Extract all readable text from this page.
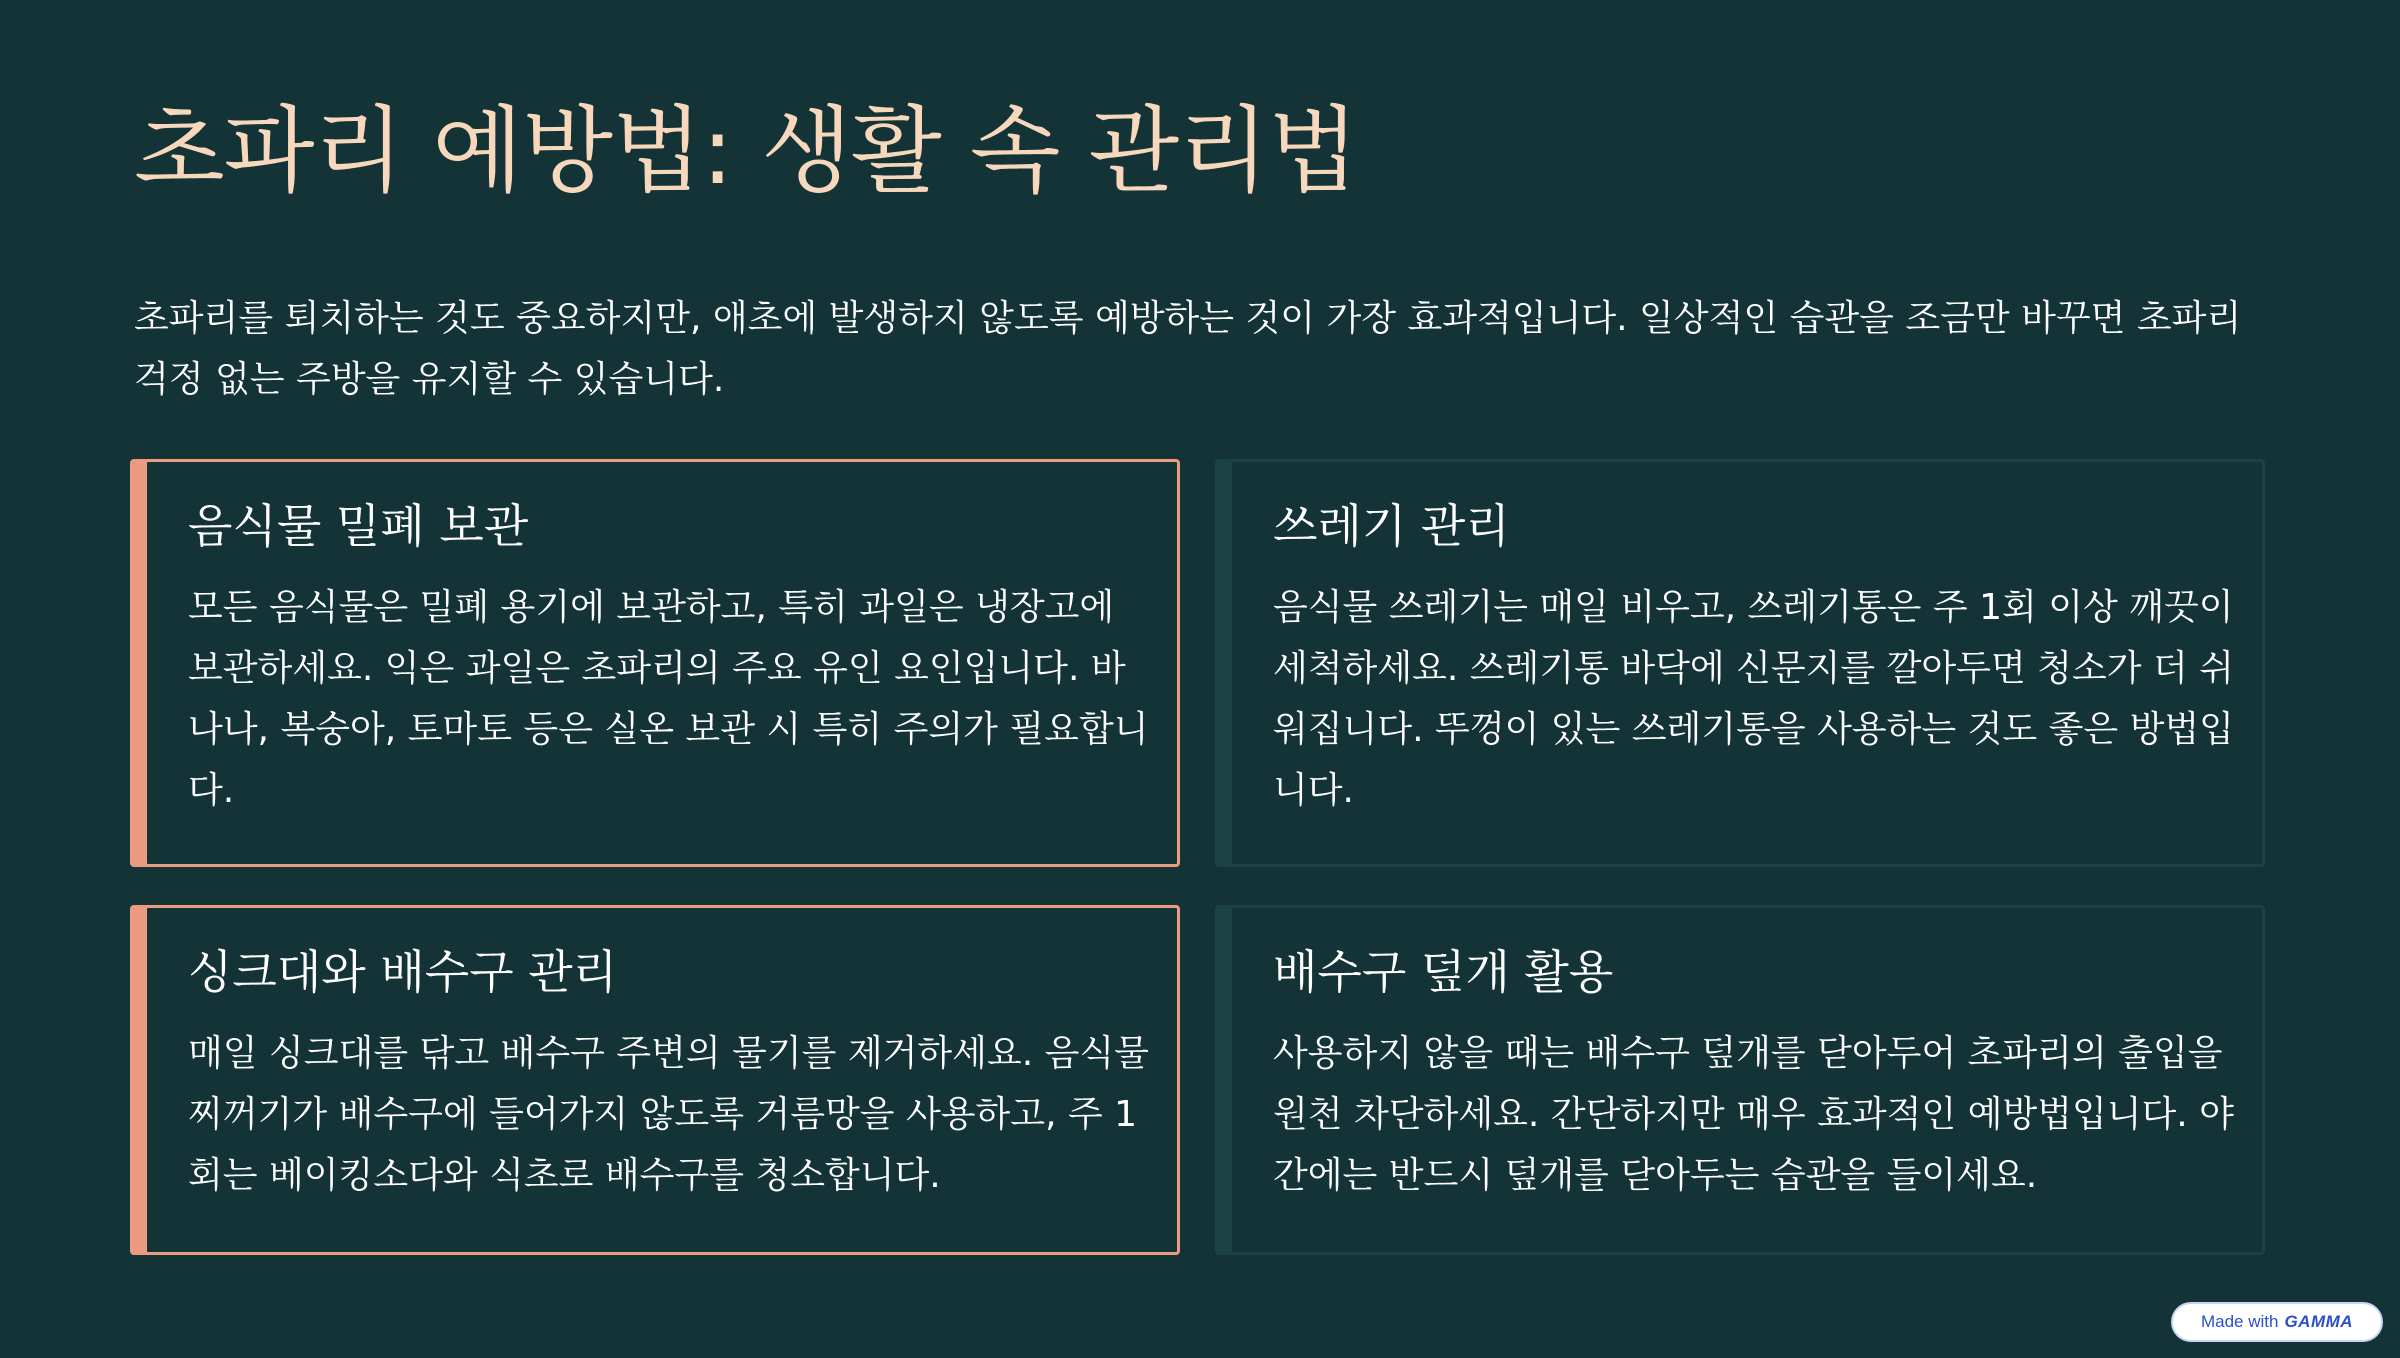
초파리 예방법: 생활 속 관리법

초파리를 퇴치하는 것도 중요하지만, 애초에 발생하지 않도록 예방하는 것이 가장 효과적입니다. 일상적인 습관을 조금만 바꾸면 초파리 걱정 없는 주방을 유지할 수 있습니다.

음식물 밀폐 보관

모든 음식물은 밀폐 용기에 보관하고, 특히 과일은 냉장고에 보관하세요. 익은 과일은 초파리의 주요 유인 요인입니다. 바나나, 복숭아, 토마토 등은 실온 보관 시 특히 주의가 필요합니다.

쓰레기 관리

음식물 쓰레기는 매일 비우고, 쓰레기통은 주 1회 이상 깨끗이 세척하세요. 쓰레기통 바닥에 신문지를 깔아두면 청소가 더 쉬워집니다. 뚜껑이 있는 쓰레기통을 사용하는 것도 좋은 방법입니다.

싱크대와 배수구 관리

매일 싱크대를 닦고 배수구 주변의 물기를 제거하세요. 음식물 찌꺼기가 배수구에 들어가지 않도록 거름망을 사용하고, 주 1회는 베이킹소다와 식초로 배수구를 청소합니다.

배수구 덮개 활용

사용하지 않을 때는 배수구 덮개를 닫아두어 초파리의 출입을 원천 차단하세요. 간단하지만 매우 효과적인 예방법입니다. 야간에는 반드시 덮개를 닫아두는 습관을 들이세요.

Made with GAMMA
